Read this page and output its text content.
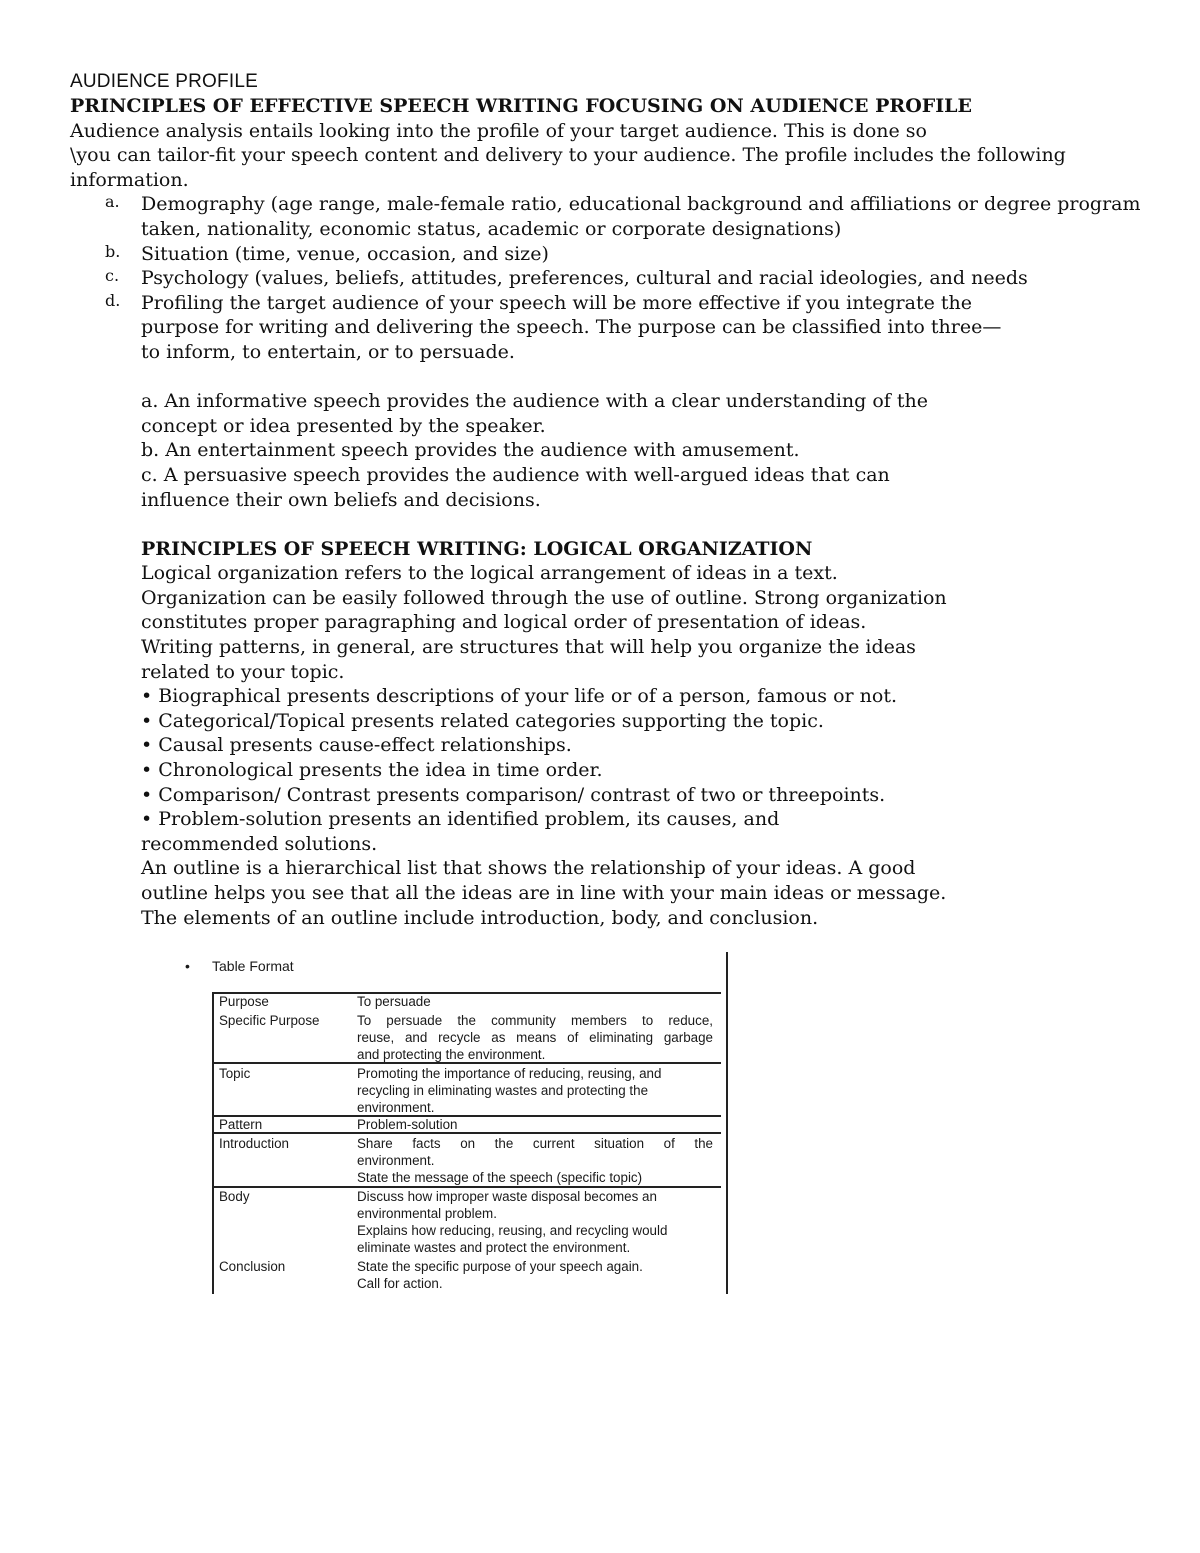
AUDIENCE PROFILE
PRINCIPLES OF EFFECTIVE SPEECH WRITING FOCUSING ON AUDIENCE PROFILE
Audience analysis entails looking into the profile of your target audience. This is done so
\you can tailor-fit your speech content and delivery to your audience. The profile includes the following
information.
a.	Demography (age range, male-female ratio, educational background and affiliations or degree program
taken, nationality, economic status, academic or corporate designations)
b.	Situation (time, venue, occasion, and size)
c.	Psychology (values, beliefs, attitudes, preferences, cultural and racial ideologies, and needs
d.	Profiling the target audience of your speech will be more effective if you integrate the
purpose for writing and delivering the speech. The purpose can be classified into three—
to inform, to entertain, or to persuade.
a. An informative speech provides the audience with a clear understanding of the
concept or idea presented by the speaker.
b. An entertainment speech provides the audience with amusement.
c. A persuasive speech provides the audience with well-argued ideas that can
influence their own beliefs and decisions.
PRINCIPLES OF SPEECH WRITING: LOGICAL ORGANIZATION
Logical organization refers to the logical arrangement of ideas in a text.
Organization can be easily followed through the use of outline. Strong organization
constitutes proper paragraphing and logical order of presentation of ideas.
Writing patterns, in general, are structures that will help you organize the ideas
related to your topic.
• Biographical presents descriptions of your life or of a person, famous or not.
• Categorical/Topical presents related categories supporting the topic.
• Causal presents cause-effect relationships.
• Chronological presents the idea in time order.
• Comparison/ Contrast presents comparison/ contrast of two or threepoints.
• Problem-solution presents an identified problem, its causes, and
recommended solutions.
An outline is a hierarchical list that shows the relationship of your ideas. A good
outline helps you see that all the ideas are in line with your main ideas or message.
The elements of an outline include introduction, body, and conclusion.
• Table Format
Purpose	To persuade
Specific Purpose	To persuade the community members to reduce,
reuse, and recycle as means of eliminating garbage
and protecting the environment.
Topic	Promoting the importance of reducing, reusing, and
recycling in eliminating wastes and protecting the
environment.
Pattern	Problem-solution
Introduction	Share facts on the current situation of the
environment.
State the message of the speech (specific topic)
Body	Discuss how improper waste disposal becomes an
environmental problem.
Explains how reducing, reusing, and recycling would
eliminate wastes and protect the environment.
Conclusion	State the specific purpose of your speech again.
Call for action.
